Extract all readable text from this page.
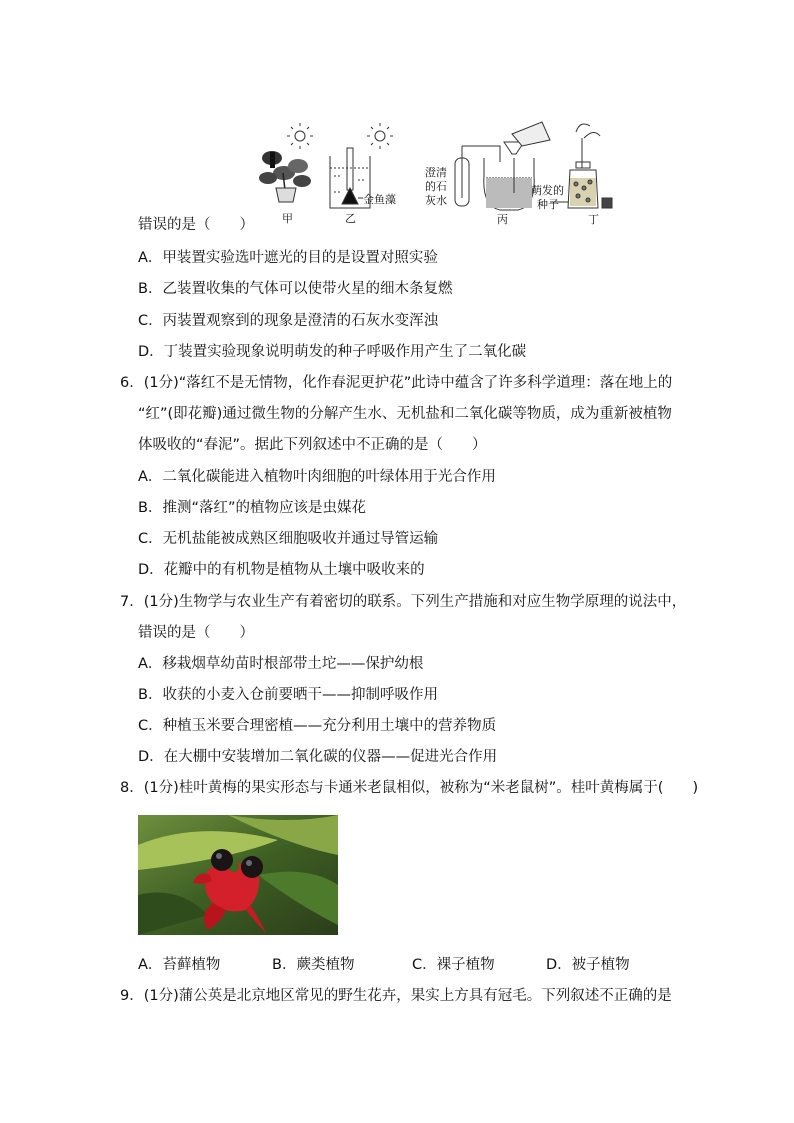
甲	乙
金鱼藻
澄清
的石
灰水
丙
萌发的
种子
丁
错误的是（　　）
A．甲装置实验选叶遮光的目的是设置对照实验
B．乙装置收集的气体可以使带火星的细木条复燃
C．丙装置观察到的现象是澄清的石灰水变浑浊
D．丁装置实验现象说明萌发的种子呼吸作用产生了二氧化碳
6．(1分)“落红不是无情物，化作春泥更护花”此诗中蕴含了许多科学道理：落在地上的
“红”(即花瓣)通过微生物的分解产生水、无机盐和二氧化碳等物质，成为重新被植物
体吸收的“春泥”。据此下列叙述中不正确的是（　　）
A．二氧化碳能进入植物叶肉细胞的叶绿体用于光合作用
B．推测“落红”的植物应该是虫媒花
C．无机盐能被成熟区细胞吸收并通过导管运输
D．花瓣中的有机物是植物从土壤中吸收来的
7．(1分)生物学与农业生产有着密切的联系。下列生产措施和对应生物学原理的说法中，
错误的是（　　）
A．移栽烟草幼苗时根部带土坨——保护幼根
B．收获的小麦入仓前要晒干——抑制呼吸作用
C．种植玉米要合理密植——充分利用土壤中的营养物质
D．在大棚中安装增加二氧化碳的仪器——促进光合作用
8．(1分)桂叶黄梅的果实形态与卡通米老鼠相似，被称为“米老鼠树”。桂叶黄梅属于(　　)
A．苔藓植物	B．蕨类植物	C．裸子植物	D．被子植物
9．(1分)蒲公英是北京地区常见的野生花卉，果实上方具有冠毛。下列叙述不正确的是
